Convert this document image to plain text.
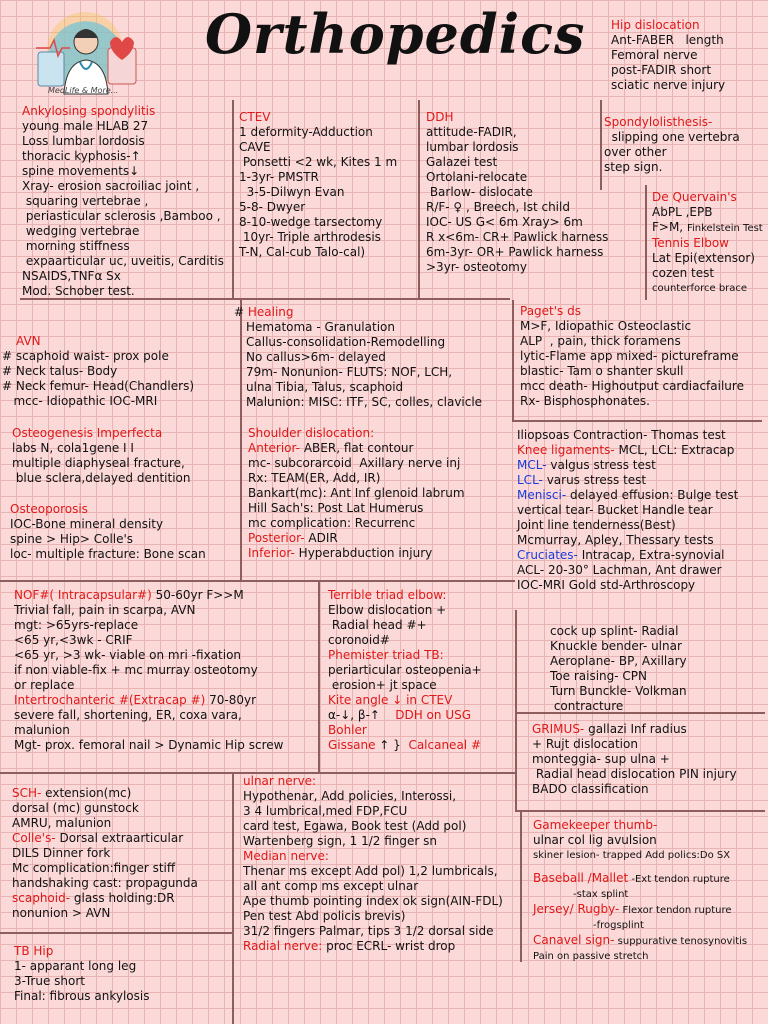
MedLife & More...
Orthopedics
Ankylosing spondylitis
young male HLAB 27
Loss lumbar lordosis
thoracic kyphosis-↑
spine movements↓
Xray- erosion sacroiliac joint ,
squaring vertebrae ,
periasticular sclerosis ,Bamboo ,
wedging vertebrae
morning stiffness
expaarticular uc, uveitis, Carditis
NSAIDS,TNFα Sx
Mod. Schober test.
CTEV
1 deformity-Adduction
CAVE
Ponsetti <2 wk, Kites 1 m
1-3yr- PMSTR
3-5-Dilwyn Evan
5-8- Dwyer
8-10-wedge tarsectomy
10yr- Triple arthrodesis
T-N, Cal-cub Talo-cal)
DDH
attitude-FADIR,
lumbar lordosis
Galazei test
Ortolani-relocate
Barlow- dislocate
R/F- ♀ , Breech, Ist child
IOC- US G< 6m Xray> 6m
R x<6m- CR+ Pawlick harness
6m-3yr- OR+ Pawlick harness
>3yr- osteotomy
Hip dislocation
Ant-FABER   length
Femoral nerve
post-FADIR short
sciatic nerve injury
Spondylolisthesis-
slipping one vertebra
over other
step sign.
De Quervain's
AbPL ,EPB
F>M, Finkelstein Test
Tennis Elbow
Lat Epi(extensor)
cozen test
counterforce brace
AVN
# scaphoid waist- prox pole
# Neck talus- Body
# Neck femur- Head(Chandlers)
mcc- Idiopathic IOC-MRI
# Healing
Hematoma - Granulation
Callus-consolidation-Remodelling
No callus>6m- delayed
79m- Nonunion- FLUTS: NOF, LCH,
ulna Tibia, Talus, scaphoid
Malunion: MISC: ITF, SC, colles, clavicle
Paget's ds
M>F, Idiopathic Osteoclastic
ALP  , pain, thick foramens
lytic-Flame app mixed- pictureframe
blastic- Tam o shanter skull
mcc death- Highoutput cardiacfailure
Rx- Bisphosphonates.
Osteogenesis Imperfecta
labs N, cola1gene I I
multiple diaphyseal fracture,
blue sclera,delayed dentition
Osteoporosis
IOC-Bone mineral density
spine > Hip> Colle's
loc- multiple fracture: Bone scan
Shoulder dislocation:
Anterior- ABER, flat contour
mc- subcorarcoid  Axillary nerve inj
Rx: TEAM(ER, Add, IR)
Bankart(mc): Ant Inf glenoid labrum
Hill Sach's: Post Lat Humerus
mc complication: Recurrenc
Posterior- ADIR
Inferior- Hyperabduction injury
Iliopsoas Contraction- Thomas test
Knee ligaments- MCL, LCL: Extracap
MCL- valgus stress test
LCL- varus stress test
Menisci- delayed effusion: Bulge test
vertical tear- Bucket Handle tear
Joint line tenderness(Best)
Mcmurray, Apley, Thessary tests
Cruciates- Intracap, Extra-synovial
ACL- 20-30° Lachman, Ant drawer
IOC-MRI Gold std-Arthroscopy
NOF#( Intracapsular#) 50-60yr F>>M
Trivial fall, pain in scarpa, AVN
mgt: >65yrs-replace
<65 yr,<3wk - CRIF
<65 yr, >3 wk- viable on mri -fixation
if non viable-fix + mc murray osteotomy
or replace
Intertrochanteric #(Extracap #) 70-80yr
severe fall, shortening, ER, coxa vara,
malunion
Mgt- prox. femoral nail > Dynamic Hip screw
Terrible triad elbow:
Elbow dislocation +
Radial head #+
coronoid#
Phemister triad TB:
periarticular osteopenia+
erosion+ jt space
Kite angle ↓ in CTEV
α-↓, β-↑ DDH on USG
Bohler
Gissane ↑ }  Calcaneal #
cock up splint- Radial
Knuckle bender- ulnar
Aeroplane- BP, Axillary
Toe raising- CPN
Turn Bunckle- Volkman
contracture
GRIMUS- gallazi Inf radius
+ Rujt dislocation
monteggia- sup ulna +
Radial head dislocation PIN injury
BADO classification
SCH- extension(mc)
dorsal (mc) gunstock
AMRU, malunion
Colle's- Dorsal extraarticular
DILS Dinner fork
Mc complication:finger stiff
handshaking cast: propagunda
scaphoid- glass holding:DR
nonunion > AVN
ulnar nerve:
Hypothenar, Add policies, Interossi,
3 4 lumbrical,med FDP,FCU
card test, Egawa, Book test (Add pol)
Wartenberg sign, 1 1/2 finger sn
Median nerve:
Thenar ms except Add pol) 1,2 lumbricals,
all ant comp ms except ulnar
Ape thumb pointing index ok sign(AIN-FDL)
Pen test Abd policis brevis)
31/2 fingers Palmar, tips 3 1/2 dorsal side
Radial nerve: proc ECRL- wrist drop
Gamekeeper thumb-
ulnar col lig avulsion
skiner lesion- trapped Add polics:Do SX
Baseball /Mallet -Ext tendon rupture
-stax splint
Jersey/ Rugby- Flexor tendon rupture
-frogsplint
Canavel sign- suppurative tenosynovitis
Pain on passive stretch
TB Hip
1- apparant long leg
3-True short
Final: fibrous ankylosis
